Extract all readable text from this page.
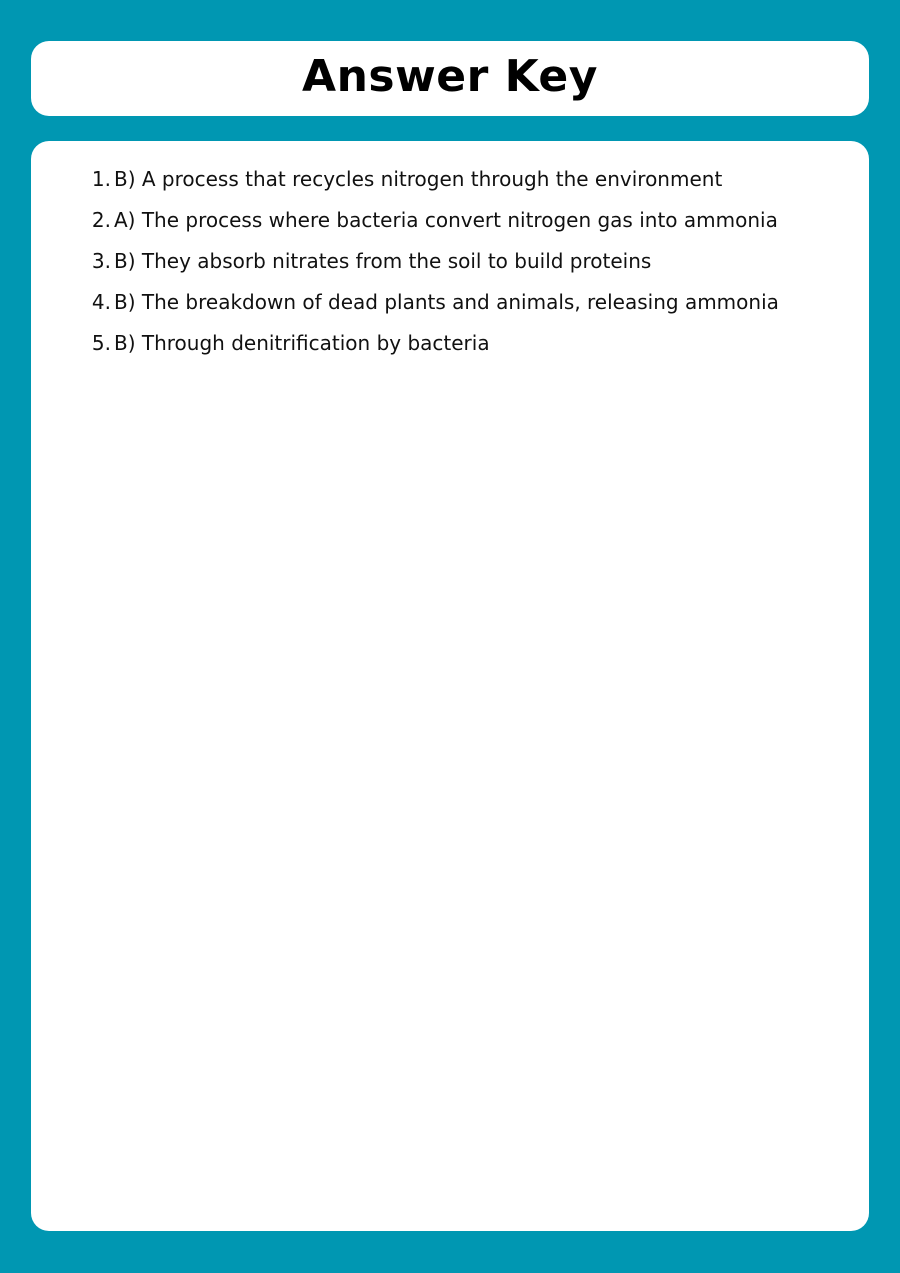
Answer Key
1. B) A process that recycles nitrogen through the environment
2. A) The process where bacteria convert nitrogen gas into ammonia
3. B) They absorb nitrates from the soil to build proteins
4. B) The breakdown of dead plants and animals, releasing ammonia
5. B) Through denitrification by bacteria
